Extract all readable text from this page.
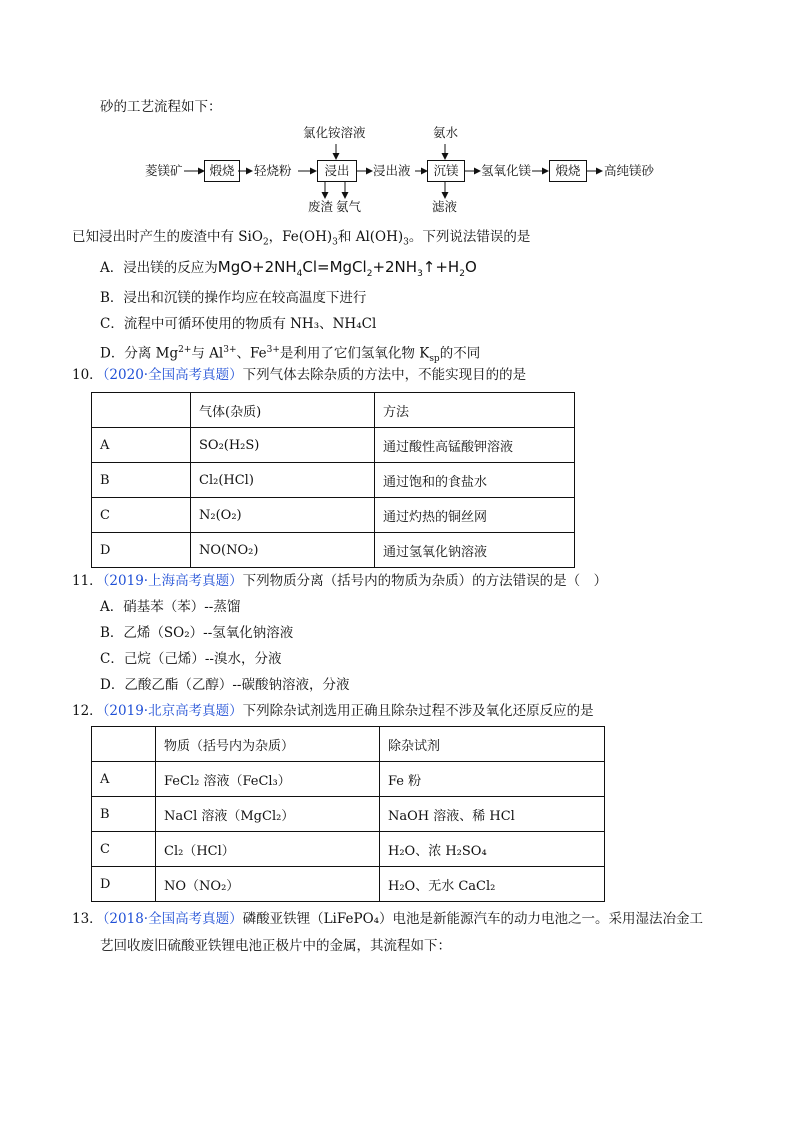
砂的工艺流程如下：
菱镁矿	煅烧	轻烧粉
氯化铵溶液
浸出
废渣 氨气
浸出液
氨水
沉镁
滤液
氢氧化镁	煅烧	高纯镁砂
已知浸出时产生的废渣中有 SiO$_2$，$Fe(OH)_3$和 $Al(OH)_3$。下列说法错误的是
A．浸出镁的反应为$MgO+2NH_4Cl=MgCl_2+2NH_3↑+H_2O$
B．浸出和沉镁的操作均应在较高温度下进行
C．流程中可循环使用的物质有 NH₃、NH₄Cl
D．分离 $Mg^{2+}$与 $Al^{3+}$、$Fe^{3+}$是利用了它们氢氧化物 $K_{sp}$的不同
10．（2020·全国高考真题）下列气体去除杂质的方法中，不能实现目的的是
	气体(杂质)	方法
A	SO₂(H₂S)	通过酸性高锰酸钾溶液
B	Cl₂(HCl)	通过饱和的食盐水
C	N₂(O₂)	通过灼热的铜丝网
D	NO(NO₂)	通过氢氧化钠溶液
11．（2019·上海高考真题）下列物质分离（括号内的物质为杂质）的方法错误的是（　）
A．硝基苯（苯）--蒸馏
B．乙烯（SO₂）--氢氧化钠溶液
C．己烷（己烯）--溴水，分液
D．乙酸乙酯（乙醇）--碳酸钠溶液，分液
12．（2019·北京高考真题）下列除杂试剂选用正确且除杂过程不涉及氧化还原反应的是
	物质（括号内为杂质）	除杂试剂
A	FeCl₂ 溶液（FeCl₃）	Fe 粉
B	NaCl 溶液（MgCl₂）	NaOH 溶液、稀 HCl
C	Cl₂（HCl）	H₂O、浓 H₂SO₄
D	NO（NO₂）	H₂O、无水 CaCl₂
13．（2018·全国高考真题）磷酸亚铁锂（LiFePO₄）电池是新能源汽车的动力电池之一。采用湿法冶金工
艺回收废旧硫酸亚铁锂电池正极片中的金属，其流程如下：
